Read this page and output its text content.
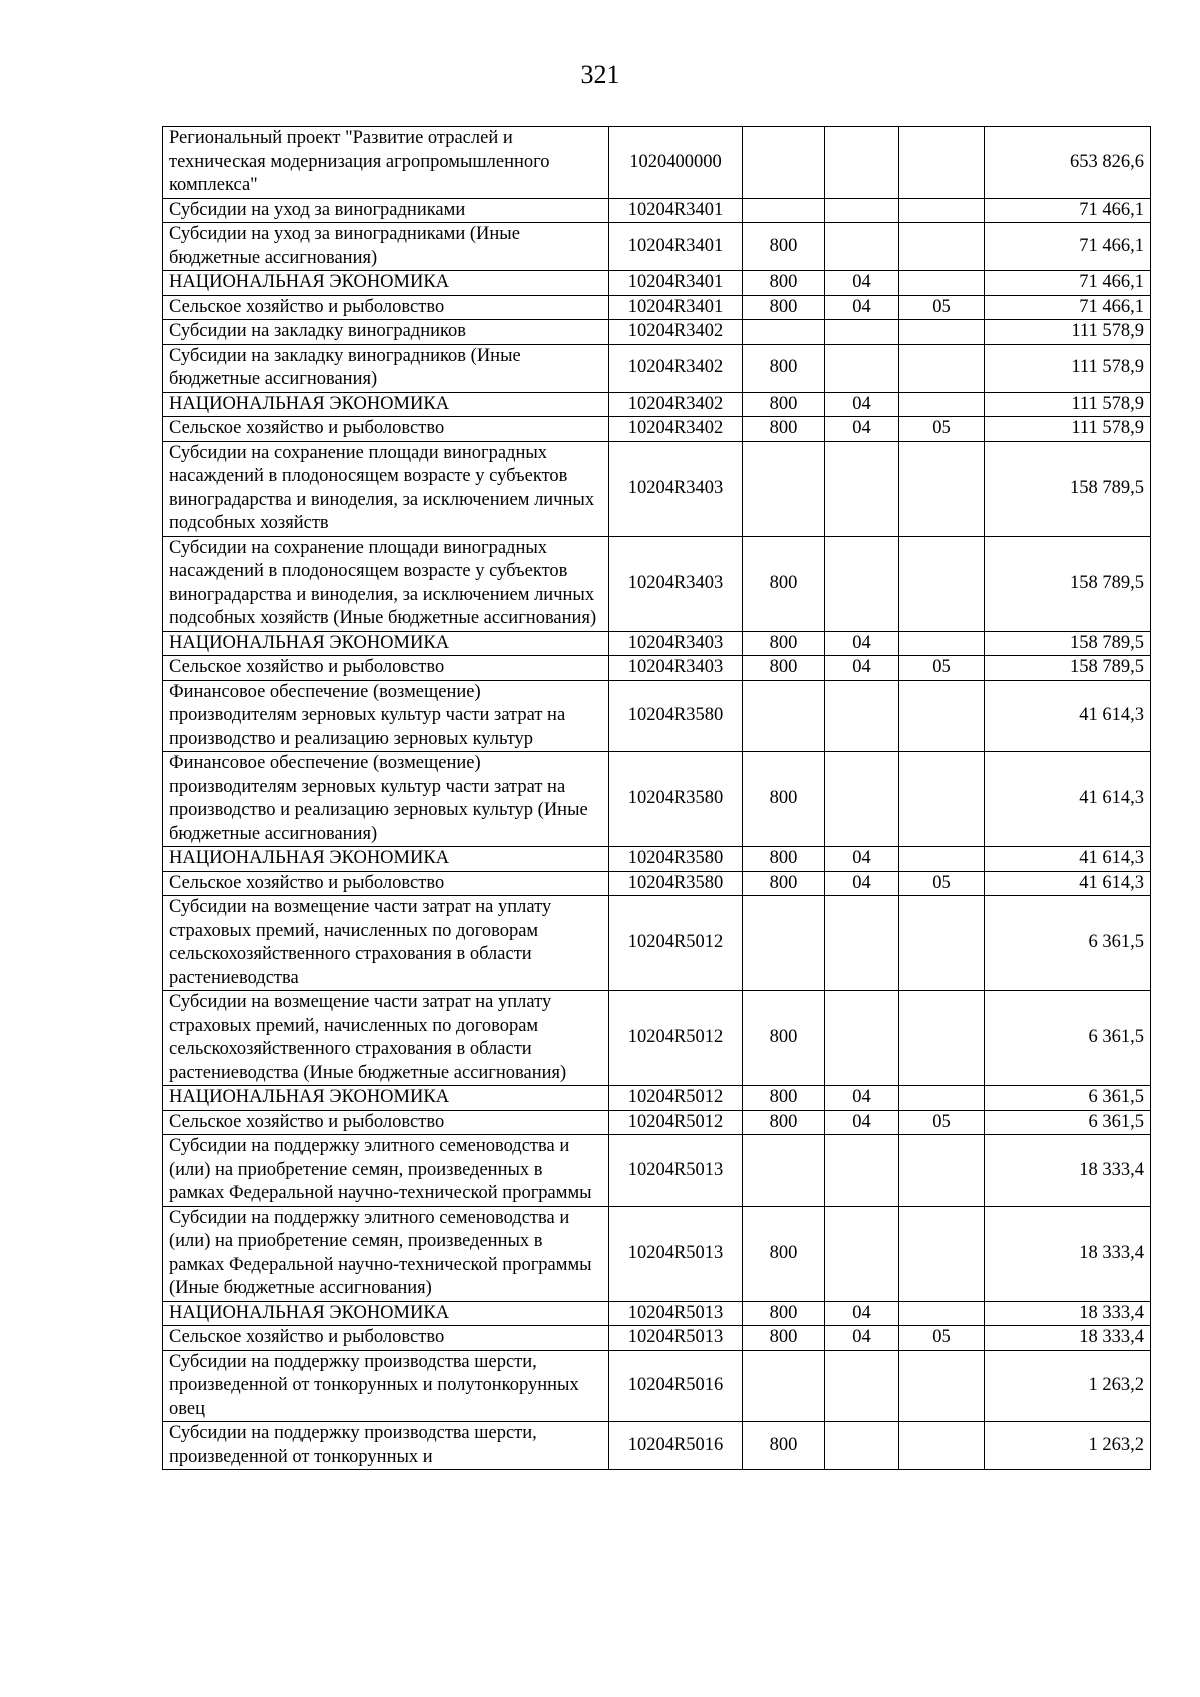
321
Региональный проект "Развитие отраслей и техническая модернизация агропромышленного комплекса"	1020400000				653 826,6
Субсидии на уход за виноградниками	10204R3401				71 466,1
Субсидии на уход за виноградниками (Иные бюджетные ассигнования)	10204R3401	800			71 466,1
НАЦИОНАЛЬНАЯ ЭКОНОМИКА	10204R3401	800	04		71 466,1
Сельское хозяйство и рыболовство	10204R3401	800	04	05	71 466,1
Субсидии на закладку виноградников	10204R3402				111 578,9
Субсидии на закладку виноградников (Иные бюджетные ассигнования)	10204R3402	800			111 578,9
НАЦИОНАЛЬНАЯ ЭКОНОМИКА	10204R3402	800	04		111 578,9
Сельское хозяйство и рыболовство	10204R3402	800	04	05	111 578,9
Субсидии на сохранение площади виноградных насаждений в плодоносящем возрасте у субъектов виноградарства и виноделия, за исключением личных подсобных хозяйств	10204R3403				158 789,5
Субсидии на сохранение площади виноградных насаждений в плодоносящем возрасте у субъектов виноградарства и виноделия, за исключением личных подсобных хозяйств (Иные бюджетные ассигнования)	10204R3403	800			158 789,5
НАЦИОНАЛЬНАЯ ЭКОНОМИКА	10204R3403	800	04		158 789,5
Сельское хозяйство и рыболовство	10204R3403	800	04	05	158 789,5
Финансовое обеспечение (возмещение) производителям зерновых культур части затрат на производство и реализацию зерновых культур	10204R3580				41 614,3
Финансовое обеспечение (возмещение) производителям зерновых культур части затрат на производство и реализацию зерновых культур (Иные бюджетные ассигнования)	10204R3580	800			41 614,3
НАЦИОНАЛЬНАЯ ЭКОНОМИКА	10204R3580	800	04		41 614,3
Сельское хозяйство и рыболовство	10204R3580	800	04	05	41 614,3
Субсидии на возмещение части затрат на уплату страховых премий, начисленных по договорам сельскохозяйственного страхования в области растениеводства	10204R5012				6 361,5
Субсидии на возмещение части затрат на уплату страховых премий, начисленных по договорам сельскохозяйственного страхования в области растениеводства (Иные бюджетные ассигнования)	10204R5012	800			6 361,5
НАЦИОНАЛЬНАЯ ЭКОНОМИКА	10204R5012	800	04		6 361,5
Сельское хозяйство и рыболовство	10204R5012	800	04	05	6 361,5
Субсидии на поддержку элитного семеноводства и (или) на приобретение семян, произведенных в рамках Федеральной научно-технической программы	10204R5013				18 333,4
Субсидии на поддержку элитного семеноводства и (или) на приобретение семян, произведенных в рамках Федеральной научно-технической программы (Иные бюджетные ассигнования)	10204R5013	800			18 333,4
НАЦИОНАЛЬНАЯ ЭКОНОМИКА	10204R5013	800	04		18 333,4
Сельское хозяйство и рыболовство	10204R5013	800	04	05	18 333,4
Субсидии на поддержку производства шерсти, произведенной от тонкорунных и полутонкорунных овец	10204R5016				1 263,2
Субсидии на поддержку производства шерсти, произведенной от тонкорунных и	10204R5016	800			1 263,2
